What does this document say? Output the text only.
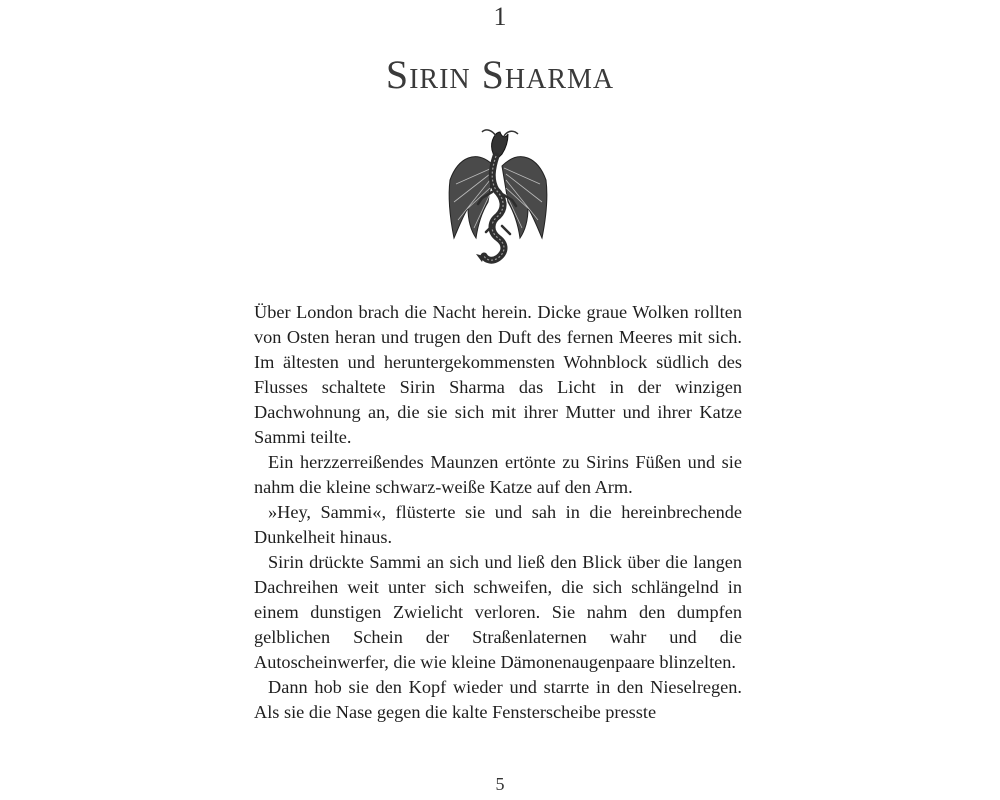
1
Sirin Sharma

Über London brach die Nacht herein. Dicke graue Wolken rollten von Osten heran und trugen den Duft des fernen Meeres mit sich. Im ältesten und heruntergekommensten Wohnblock südlich des Flusses schaltete Sirin Sharma das Licht in der winzigen Dachwohnung an, die sie sich mit ihrer Mutter und ihrer Katze Sammi teilte.

Ein herzzerreißendes Maunzen ertönte zu Sirins Füßen und sie nahm die kleine schwarz-weiße Katze auf den Arm.

»Hey, Sammi«, flüsterte sie und sah in die hereinbrechende Dunkelheit hinaus.

Sirin drückte Sammi an sich und ließ den Blick über die langen Dachreihen weit unter sich schweifen, die sich schlängelnd in einem dunstigen Zwielicht verloren. Sie nahm den dumpfen gelblichen Schein der Straßenlaternen wahr und die Autoscheinwerfer, die wie kleine Dämonenaugenpaare blinzelten.

Dann hob sie den Kopf wieder und starrte in den Nieselregen. Als sie die Nase gegen die kalte Fensterscheibe presste

5
